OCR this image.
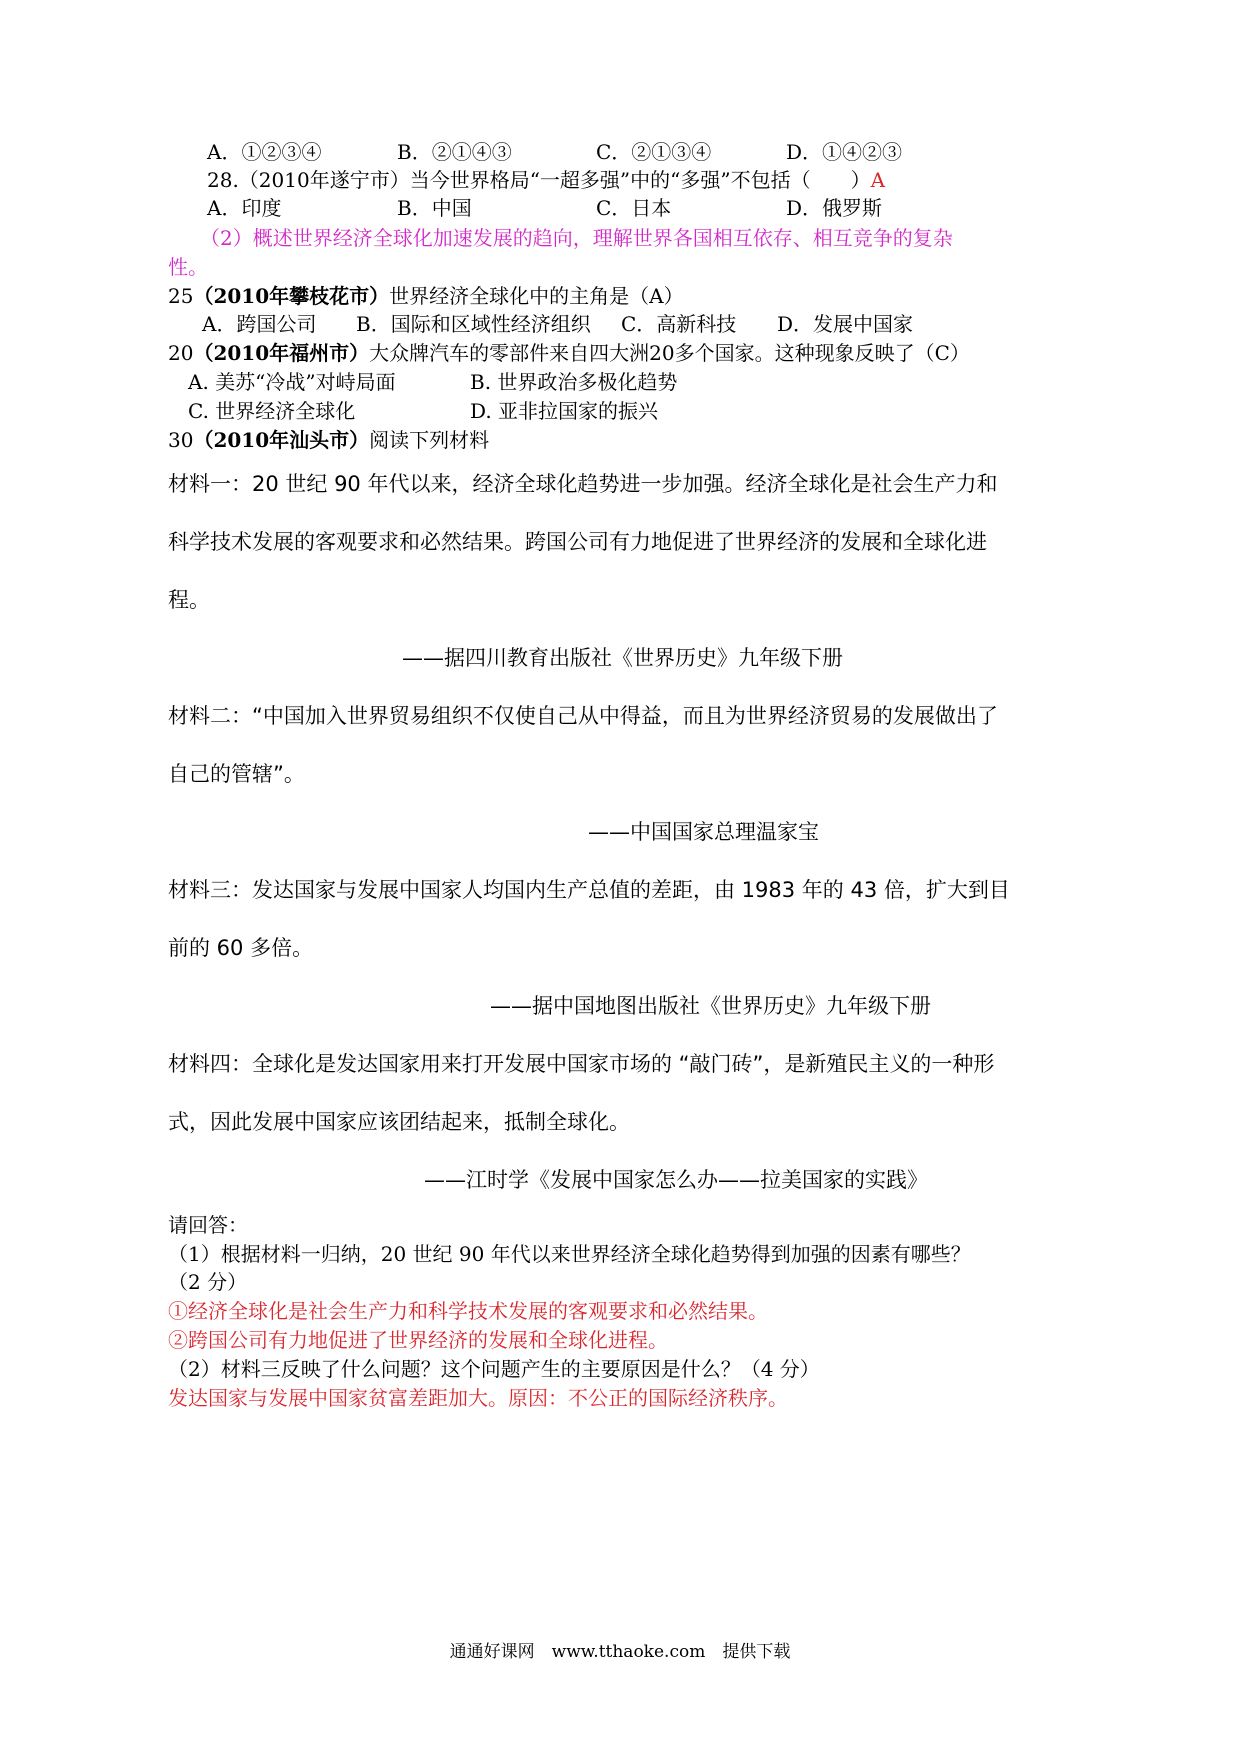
A．①②③④	B．②①④③	C．②①③④	D．①④②③
28.（2010年遂宁市）当今世界格局“一超多强”中的“多强”不包括（　　）A
A．印度	B．中国	C．日本	D．俄罗斯
（2）概述世界经济全球化加速发展的趋向，理解世界各国相互依存、相互竞争的复杂
性。
25（2010年攀枝花市）世界经济全球化中的主角是（A）
A．跨国公司 B．国际和区域性经济组织 C．高新科技 D．发展中国家
20（2010年福州市）大众牌汽车的零部件来自四大洲20多个国家。这种现象反映了（C）
A. 美苏“冷战”对峙局面	B. 世界政治多极化趋势
C. 世界经济全球化	D. 亚非拉国家的振兴
30（2010年汕头市）阅读下列材料
材料一：20 世纪 90 年代以来，经济全球化趋势进一步加强。经济全球化是社会生产力和
科学技术发展的客观要求和必然结果。跨国公司有力地促进了世界经济的发展和全球化进
程。
——据四川教育出版社《世界历史》九年级下册
材料二：“中国加入世界贸易组织不仅使自己从中得益，而且为世界经济贸易的发展做出了
自己的管辖”。
——中国国家总理温家宝
材料三：发达国家与发展中国家人均国内生产总值的差距，由 1983 年的 43 倍，扩大到目
前的 60 多倍。
——据中国地图出版社《世界历史》九年级下册
材料四：全球化是发达国家用来打开发展中国家市场的 “敲门砖”，是新殖民主义的一种形
式，因此发展中国家应该团结起来，抵制全球化。
——江时学《发展中国家怎么办——拉美国家的实践》
请回答：
（1）根据材料一归纳，20 世纪 90 年代以来世界经济全球化趋势得到加强的因素有哪些？
（2 分）
①经济全球化是社会生产力和科学技术发展的客观要求和必然结果。
②跨国公司有力地促进了世界经济的发展和全球化进程。
（2）材料三反映了什么问题？这个问题产生的主要原因是什么？（4 分）
发达国家与发展中国家贫富差距加大。原因：不公正的国际经济秩序。
通通好课网　www.tthaoke.com　提供下载
